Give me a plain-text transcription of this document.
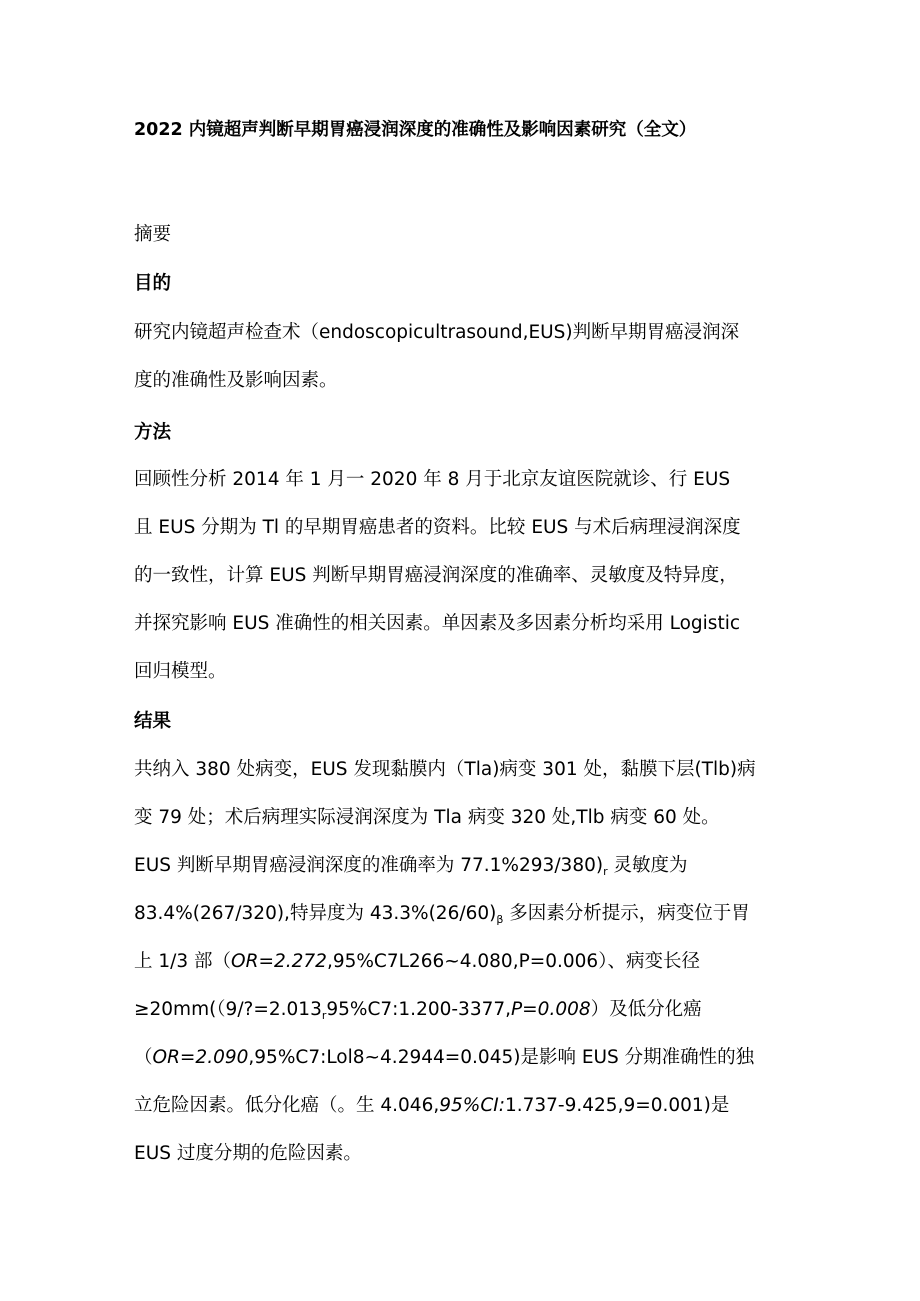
2022 内镜超声判断早期胃癌浸润深度的准确性及影响因素研究（全文）
摘要
目的
研究内镜超声检查术（endoscopicultrasound,EUS)判断早期胃癌浸润深
度的准确性及影响因素。
方法
回顾性分析 2014 年 1 月一 2020 年 8 月于北京友谊医院就诊、行 EUS
且 EUS 分期为 Tl 的早期胃癌患者的资料。比较 EUS 与术后病理浸润深度
的一致性，计算 EUS 判断早期胃癌浸润深度的准确率、灵敏度及特异度，
并探究影响 EUS 准确性的相关因素。单因素及多因素分析均采用 Logistic
回归模型。
结果
共纳入 380 处病变，EUS 发现黏膜内（Tla)病变 301 处，黏膜下层(Tlb)病
变 79 处；术后病理实际浸润深度为 Tla 病变 320 处,Tlb 病变 60 处。
EUS 判断早期胃癌浸润深度的准确率为 $77.1\%293/380)_r$ 灵敏度为
83.4%(267/320),特异度为 $43.3\%(26/60)_\beta$ 多因素分析提示，病变位于胃
上 1/3 部（OR=2.272,95%C7L266~4.080,P=0.006）、病变长径
$\ge 20mm((9/?=2.013_r95\%C7:1.200-3377,P=0.008)$及低分化癌
（OR=2.090,95%C7:Lol8~4.2944=0.045)是影响 EUS 分期准确性的独
立危险因素。低分化癌（。生 4.046,95%CI:1.737-9.425,9=0.001)是
EUS 过度分期的危险因素。
